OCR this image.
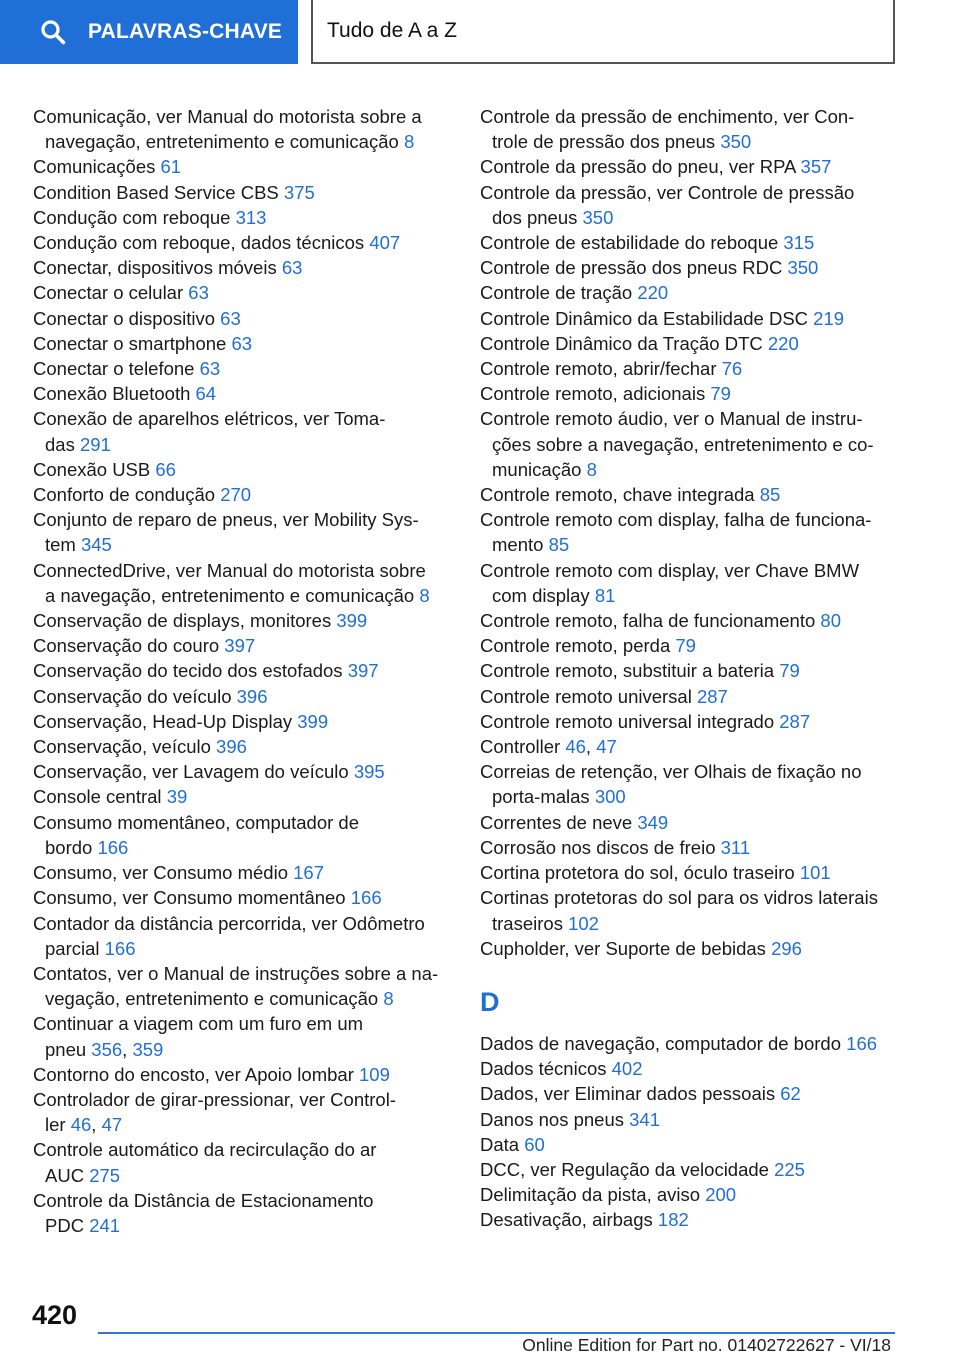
PALAVRAS-CHAVE Tudo de A a Z
Comunicação, ver Manual do motorista sobre a
navegação, entretenimento e comunicação 8
Comunicações 61
Condition Based Service CBS 375
Condução com reboque 313
Condução com reboque, dados técnicos 407
Conectar, dispositivos móveis 63
Conectar o celular 63
Conectar o dispositivo 63
Conectar o smartphone 63
Conectar o telefone 63
Conexão Bluetooth 64
Conexão de aparelhos elétricos, ver Toma-
das 291
Conexão USB 66
Conforto de condução 270
Conjunto de reparo de pneus, ver Mobility Sys-
tem 345
ConnectedDrive, ver Manual do motorista sobre
a navegação, entretenimento e comunicação 8
Conservação de displays, monitores 399
Conservação do couro 397
Conservação do tecido dos estofados 397
Conservação do veículo 396
Conservação, Head-Up Display 399
Conservação, veículo 396
Conservação, ver Lavagem do veículo 395
Console central 39
Consumo momentâneo, computador de
bordo 166
Consumo, ver Consumo médio 167
Consumo, ver Consumo momentâneo 166
Contador da distância percorrida, ver Odômetro
parcial 166
Contatos, ver o Manual de instruções sobre a na-
vegação, entretenimento e comunicação 8
Continuar a viagem com um furo em um
pneu 356, 359
Contorno do encosto, ver Apoio lombar 109
Controlador de girar-pressionar, ver Control-
ler 46, 47
Controle automático da recirculação do ar
AUC 275
Controle da Distância de Estacionamento
PDC 241
Controle da pressão de enchimento, ver Con-
trole de pressão dos pneus 350
Controle da pressão do pneu, ver RPA 357
Controle da pressão, ver Controle de pressão
dos pneus 350
Controle de estabilidade do reboque 315
Controle de pressão dos pneus RDC 350
Controle de tração 220
Controle Dinâmico da Estabilidade DSC 219
Controle Dinâmico da Tração DTC 220
Controle remoto, abrir/fechar 76
Controle remoto, adicionais 79
Controle remoto áudio, ver o Manual de instru-
ções sobre a navegação, entretenimento e co-
municação 8
Controle remoto, chave integrada 85
Controle remoto com display, falha de funciona-
mento 85
Controle remoto com display, ver Chave BMW
com display 81
Controle remoto, falha de funcionamento 80
Controle remoto, perda 79
Controle remoto, substituir a bateria 79
Controle remoto universal 287
Controle remoto universal integrado 287
Controller 46, 47
Correias de retenção, ver Olhais de fixação no
porta-malas 300
Correntes de neve 349
Corrosão nos discos de freio 311
Cortina protetora do sol, óculo traseiro 101
Cortinas protetoras do sol para os vidros laterais
traseiros 102
Cupholder, ver Suporte de bebidas 296
D
Dados de navegação, computador de bordo 166
Dados técnicos 402
Dados, ver Eliminar dados pessoais 62
Danos nos pneus 341
Data 60
DCC, ver Regulação da velocidade 225
Delimitação da pista, aviso 200
Desativação, airbags 182
420
Online Edition for Part no. 01402722627 - VI/18
